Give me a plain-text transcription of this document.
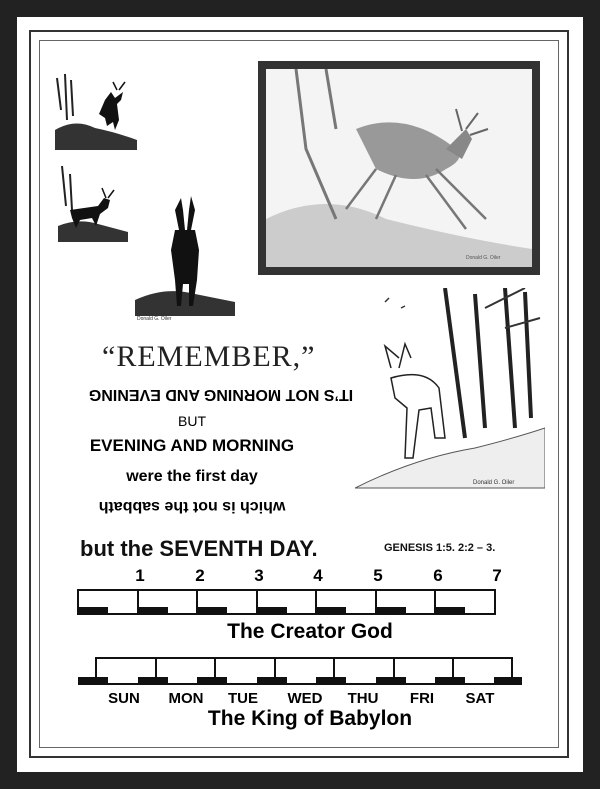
Donald G. Oiler
Donald G. Oiler
Donald G. Oiler
“REMEMBER,”
IT’S NOT MORNING AND EVENING
BUT
EVENING AND MORNING
were the first day
which is not the sabbath
but the SEVENTH DAY.	GENESIS 1:5. 2:2 – 3.
1	2	3	4	5	6	7
The Creator God
SUN	MON	TUE	WED	THU	FRI	SAT
The King of Babylon
